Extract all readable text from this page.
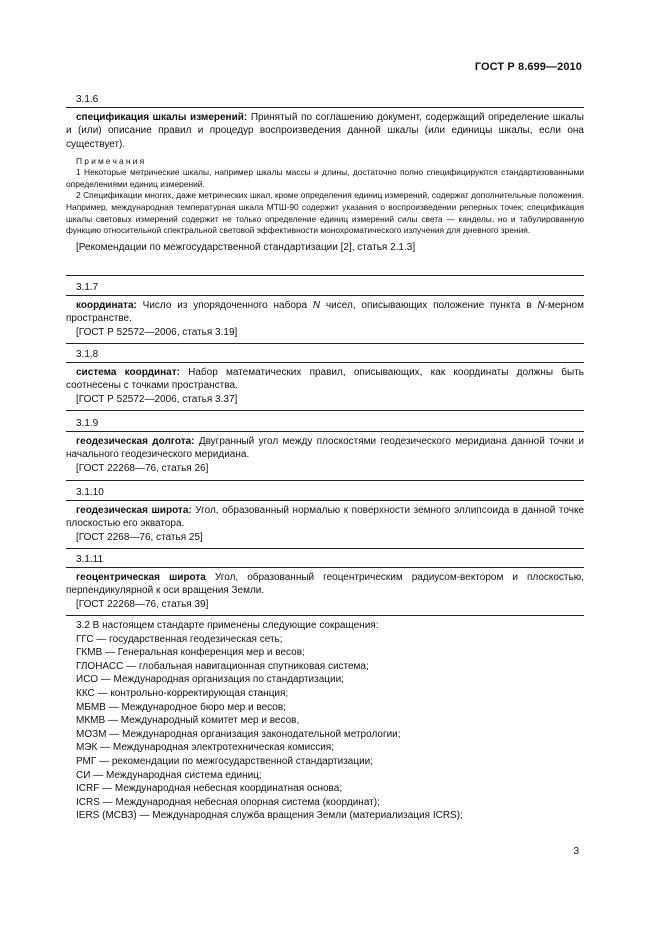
ГОСТ Р 8.699—2010
3.1.6

спецификация шкалы измерений: Принятый по соглашению документ, содержащий определение шкалы и (или) описание правил и процедур воспроизведения данной шкалы (или единицы шкалы, если она существует).

Примечания

1 Некоторые метрические шкалы, например шкалы массы и длины, достаточно полно специфицируются стандартизованными определениями единиц измерений.

2 Спецификации многих, даже метрических шкал, кроме определения единиц измерений, содержат дополнительные положения. Например, международная температурная шкала МТШ-90 содержит указания о воспроизведении реперных точек; спецификация шкалы световых измерений содержит не только определение единиц измерений силы света — канделы, но и табулированную функцию относительной спектральной световой эффективности монохроматического излучения для дневного зрения.

[Рекомендации по межгосударственной стандартизации [2], статья 2.1.3]

3.1.7

координата: Число из упорядоченного набора N чисел, описывающих положение пункта в N-мерном пространстве.

[ГОСТ Р 52572—2006, статья 3.19]

3.1.8

система координат: Набор математических правил, описывающих, как координаты должны быть соотнесены с точками пространства.

[ГОСТ Р 52572—2006, статья 3.37]

3.1.9

геодезическая долгота: Двугранный угол между плоскостями геодезического меридиана данной точки и начального геодезического меридиана.

[ГОСТ 22268—76, статья 26]

3.1.10

геодезическая широта: Угол, образованный нормалью к поверхности земного эллипсоида в данной точке плоскостью его экватора.

[ГОСТ 2268—76, статья 25]

3.1.11

геоцентрическая широта Угол, образованный геоцентрическим радиусом-вектором и плоскостью, перпендикулярной к оси вращения Земли.

[ГОСТ 22268—76, статья 39]

3.2 В настоящем стандарте применены следующие сокращения:
ГГС — государственная геодезическая сеть;
ГКМВ — Генеральная конференция мер и весов;
ГЛОНАСС — глобальная навигационная спутниковая система;
ИСО — Международная организация по стандартизации;
ККС — контрольно-корректирующая станция;
МБМВ — Международное бюро мер и весов;
МКМВ — Международный комитет мер и весов,
МОЗМ — Международная организация законодательной метрологии;
МЭК — Международная электротехническая комиссия;
РМГ — рекомендации по межгосударственной стандартизации;
СИ — Международная система единиц;
ICRF — Международная небесная координатная основа;
ICRS — Международная небесная опорная система (координат);
IERS (МСВЗ) — Международная служба вращения Земли (материализация ICRS);
3
